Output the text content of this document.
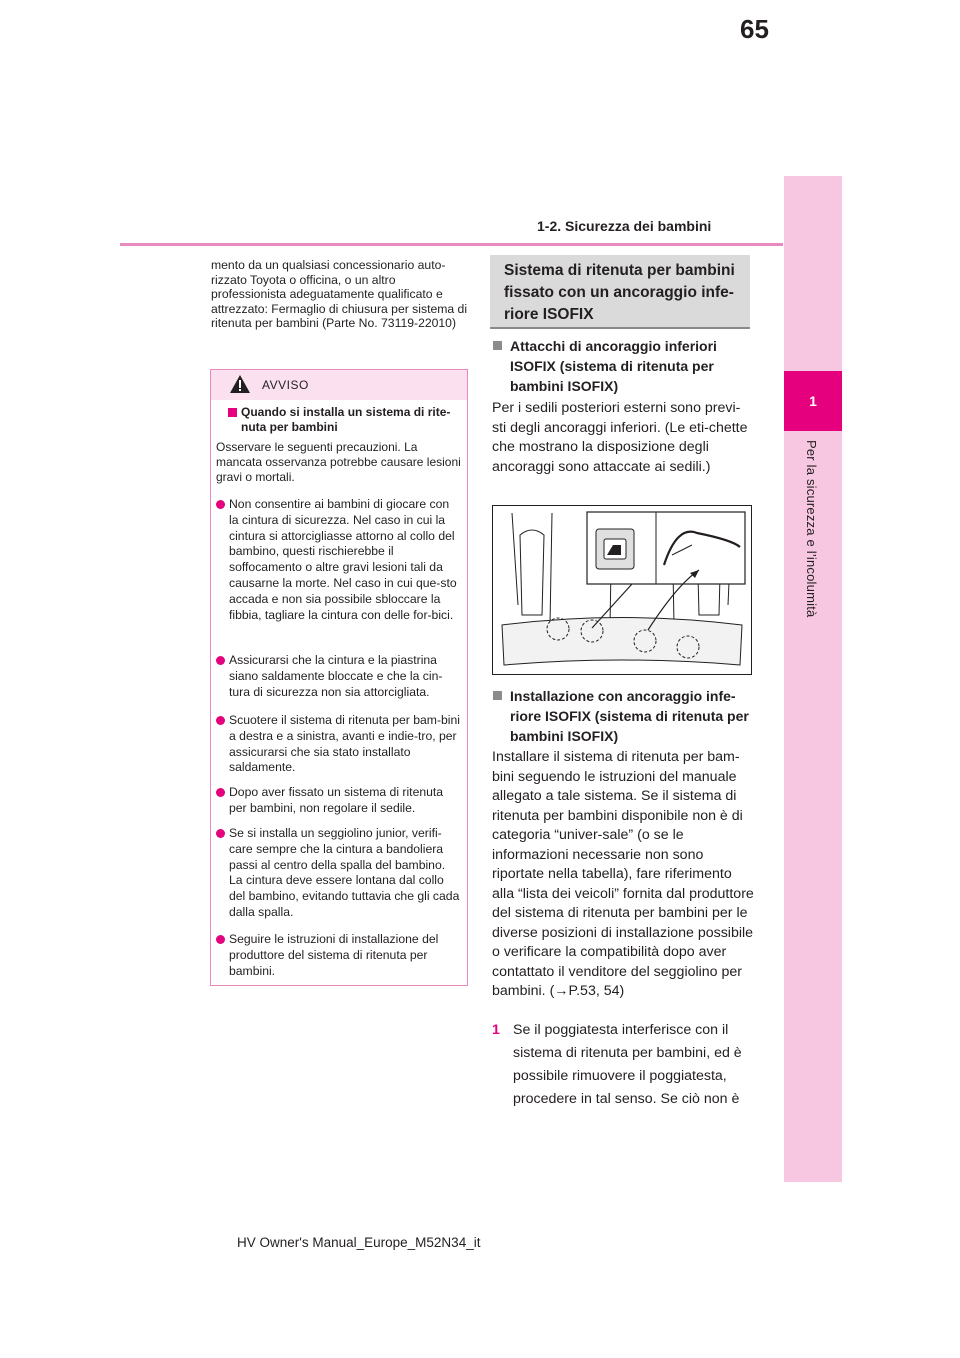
1
Per la sicurezza e l’incolumità
65
1-2. Sicurezza dei bambini
mento da un qualsiasi concessionario auto-rizzato Toyota o officina, o un altro professionista adeguatamente qualificato e attrezzato: Fermaglio di chiusura per sistema di ritenuta per bambini (Parte No. 73119-22010)
AVVISO
Quando si installa un sistema di rite-nuta per bambini
Osservare le seguenti precauzioni. La mancata osservanza potrebbe causare lesioni gravi o mortali.
Non consentire ai bambini di giocare con la cintura di sicurezza. Nel caso in cui la cintura si attorcigliasse attorno al collo del bambino, questi rischierebbe il soffocamento o altre gravi lesioni tali da causarne la morte. Nel caso in cui que-sto accada e non sia possibile sbloccare la fibbia, tagliare la cintura con delle for-bici.
Assicurarsi che la cintura e la piastrina siano saldamente bloccate e che la cin-tura di sicurezza non sia attorcigliata.
Scuotere il sistema di ritenuta per bam-bini a destra e a sinistra, avanti e indie-tro, per assicurarsi che sia stato installato saldamente.
Dopo aver fissato un sistema di ritenuta per bambini, non regolare il sedile.
Se si installa un seggiolino junior, verifi-care sempre che la cintura a bandoliera passi al centro della spalla del bambino. La cintura deve essere lontana dal collo del bambino, evitando tuttavia che gli cada dalla spalla.
Seguire le istruzioni di installazione del produttore del sistema di ritenuta per bambini.
Sistema di ritenuta per bambini fissato con un ancoraggio infe-riore ISOFIX
Attacchi di ancoraggio inferiori ISOFIX (sistema di ritenuta per bambini ISOFIX)
Per i sedili posteriori esterni sono previ-sti degli ancoraggi inferiori. (Le eti-chette che mostrano la disposizione degli ancoraggi sono attaccate ai sedili.)
Installazione con ancoraggio infe-riore ISOFIX (sistema di ritenuta per bambini ISOFIX)
Installare il sistema di ritenuta per bam-bini seguendo le istruzioni del manuale allegato a tale sistema. Se il sistema di ritenuta per bambini disponibile non è di categoria “univer-sale” (o se le informazioni necessarie non sono riportate nella tabella), fare riferimento alla “lista dei veicoli” fornita dal produttore del sistema di ritenuta per bambini per le diverse posizioni di installazione possibile o verificare la compatibilità dopo aver contattato il venditore del seggiolino per bambini. (→P.53, 54)
1 Se il poggiatesta interferisce con il sistema di ritenuta per bambini, ed è possibile rimuovere il poggiatesta, procedere in tal senso. Se ciò non è
HV Owner's Manual_Europe_M52N34_it
